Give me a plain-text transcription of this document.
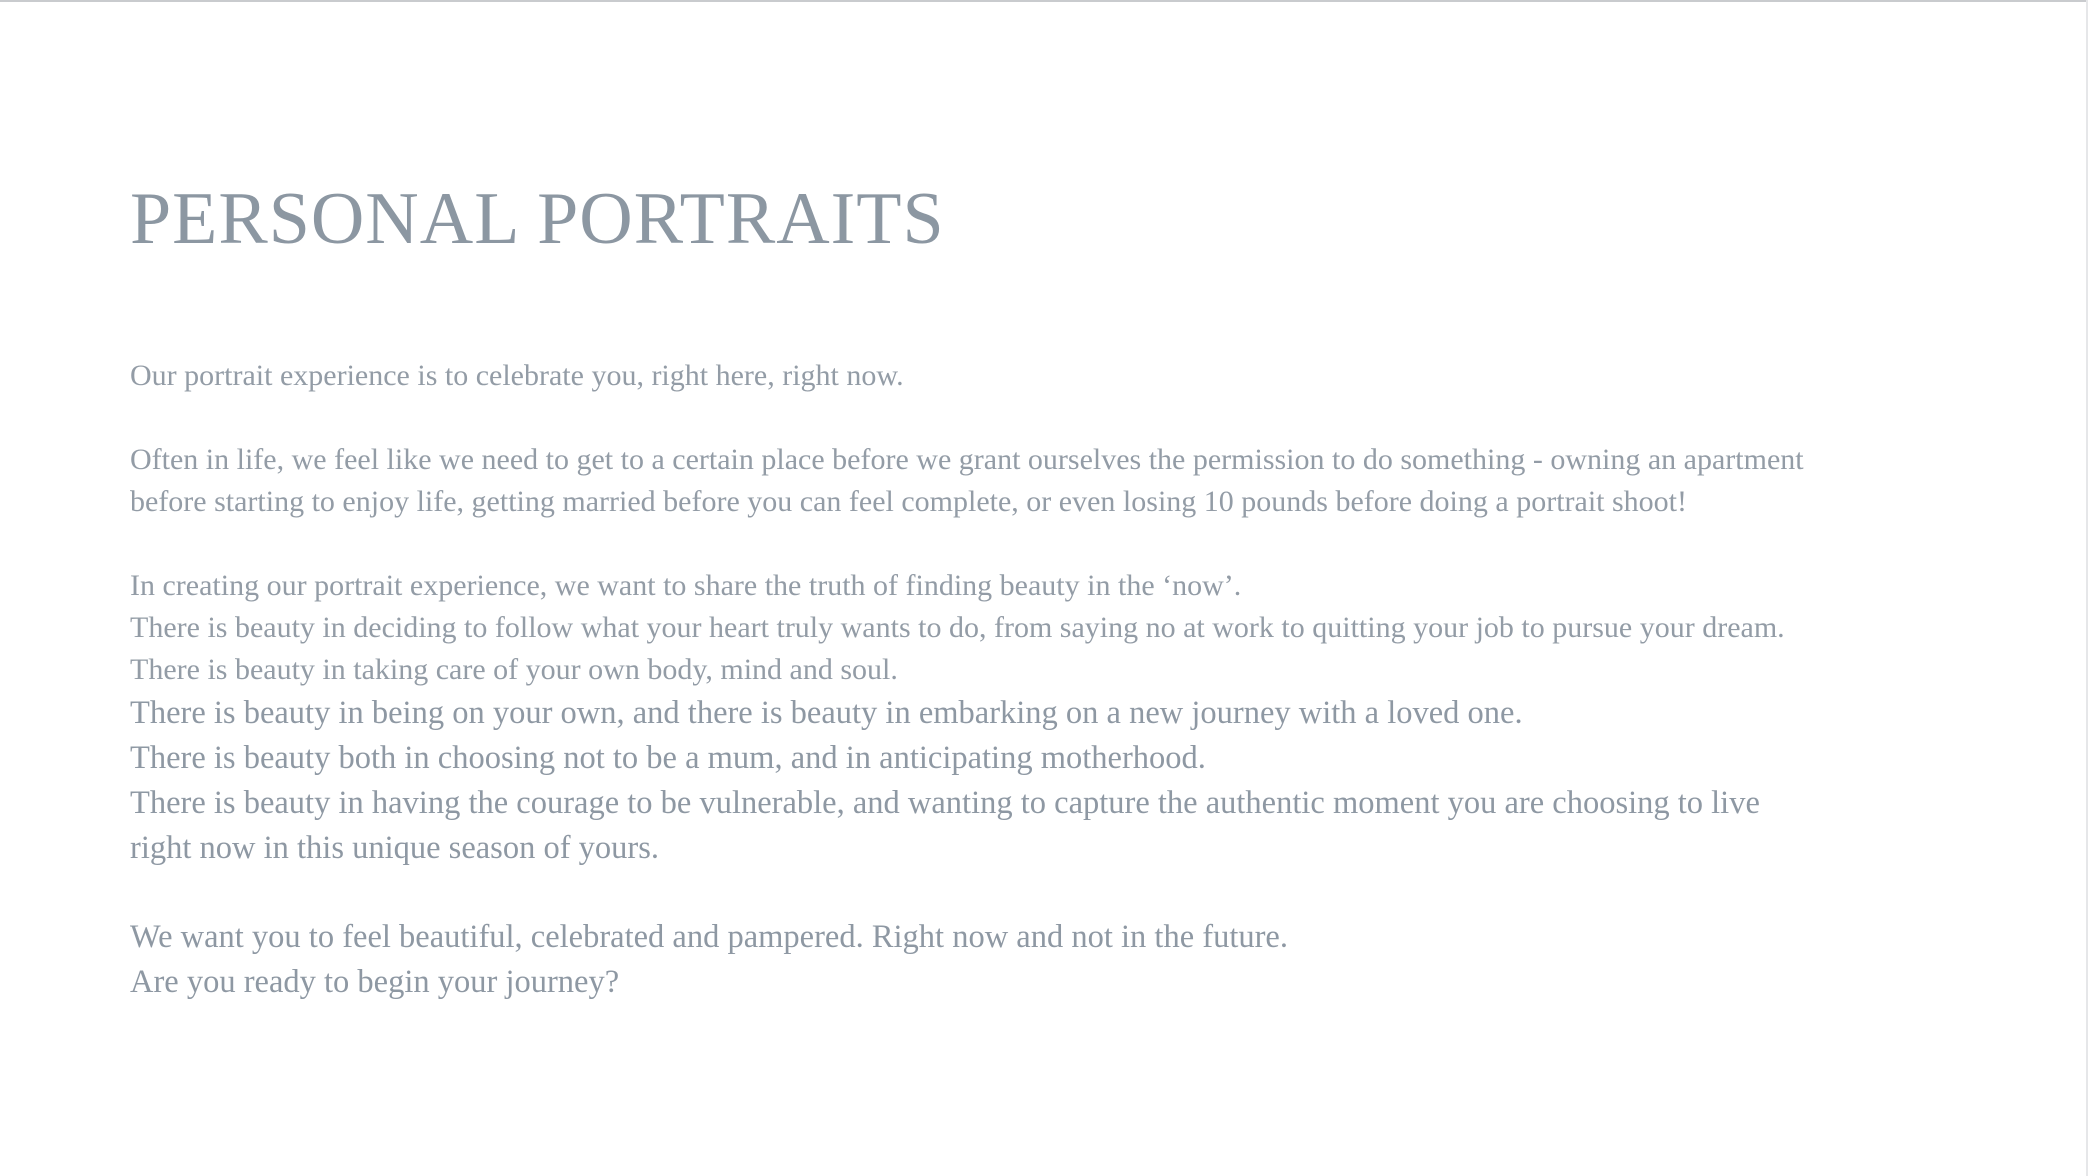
PERSONAL PORTRAITS

Our portrait experience is to celebrate you, right here, right now.

Often in life, we feel like we need to get to a certain place before we grant ourselves the permission to do something - owning an apartment
before starting to enjoy life, getting married before you can feel complete, or even losing 10 pounds before doing a portrait shoot!

In creating our portrait experience, we want to share the truth of finding beauty in the ‘now’.
There is beauty in deciding to follow what your heart truly wants to do, from saying no at work to quitting your job to pursue your dream.
There is beauty in taking care of your own body, mind and soul.
There is beauty in being on your own, and there is beauty in embarking on a new journey with a loved one.
There is beauty both in choosing not to be a mum, and in anticipating motherhood.
There is beauty in having the courage to be vulnerable, and wanting to capture the authentic moment you are choosing to live
right now in this unique season of yours.
We want you to feel beautiful, celebrated and pampered. Right now and not in the future.
Are you ready to begin your journey?
